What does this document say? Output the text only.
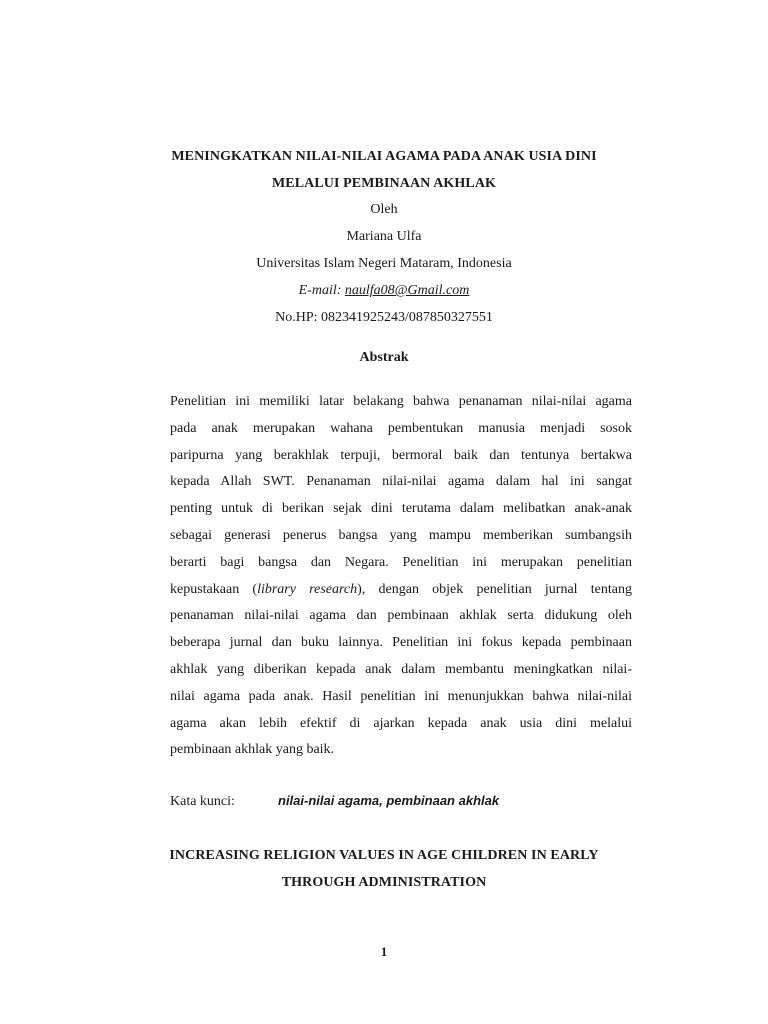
MENINGKATKAN NILAI-NILAI AGAMA PADA ANAK USIA DINI
MELALUI PEMBINAAN AKHLAK
Oleh
Mariana Ulfa
Universitas Islam Negeri Mataram, Indonesia
E-mail: naulfa08@Gmail.com
No.HP: 082341925243/087850327551
Abstrak
Penelitian ini memiliki latar belakang bahwa penanaman nilai-nilai agama
pada anak merupakan wahana pembentukan manusia menjadi sosok
paripurna yang berakhlak terpuji, bermoral baik dan tentunya bertakwa
kepada Allah SWT. Penanaman nilai-nilai agama dalam hal ini sangat
penting untuk di berikan sejak dini terutama dalam melibatkan anak-anak
sebagai generasi penerus bangsa yang mampu memberikan sumbangsih
berarti bagi bangsa dan Negara. Penelitian ini merupakan penelitian
kepustakaan (library research), dengan objek penelitian jurnal tentang
penanaman nilai-nilai agama dan pembinaan akhlak serta didukung oleh
beberapa jurnal dan buku lainnya. Penelitian ini fokus kepada pembinaan
akhlak yang diberikan kepada anak dalam membantu meningkatkan nilai-
nilai agama pada anak. Hasil penelitian ini menunjukkan bahwa nilai-nilai
agama akan lebih efektif di ajarkan kepada anak usia dini melalui
pembinaan akhlak yang baik.
Kata kunci:	nilai-nilai agama, pembinaan akhlak
INCREASING RELIGION VALUES IN AGE CHILDREN IN EARLY
THROUGH ADMINISTRATION
1
